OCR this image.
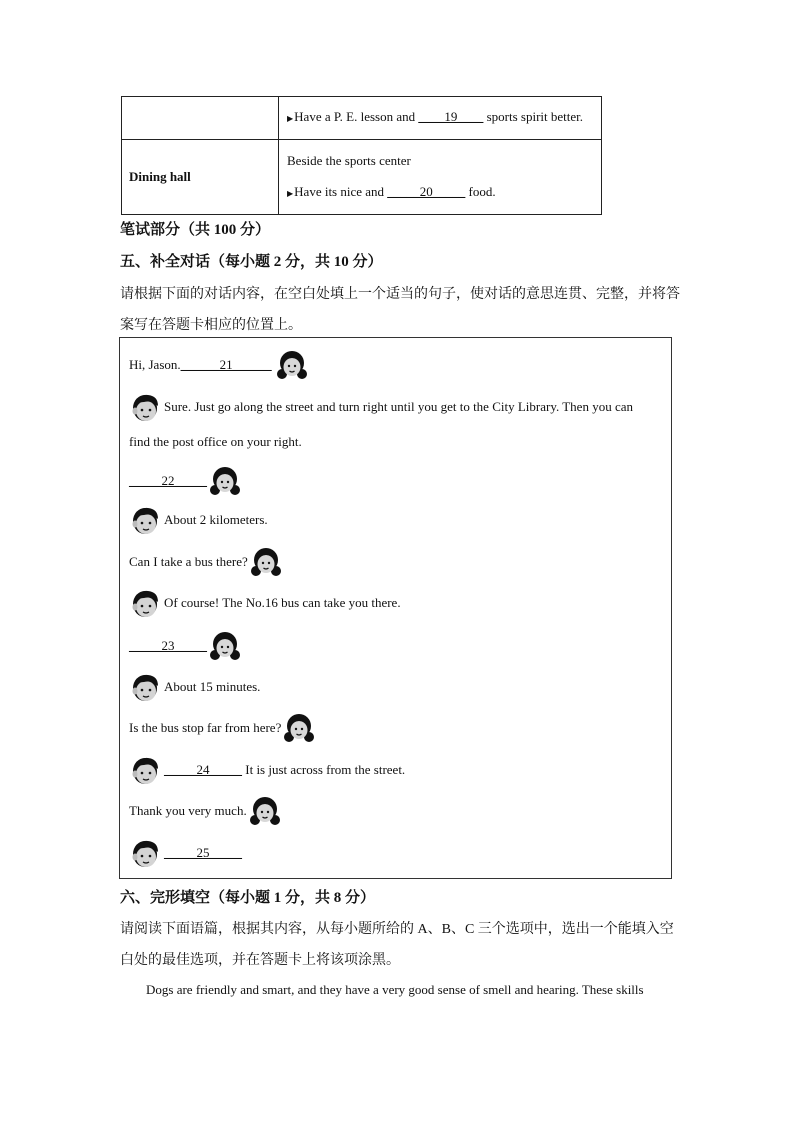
	▶Have a P. E. lesson and ____19____ sports spirit better.

Dining hall	Beside the sports center
▶Have its nice and _____20_____ food.
笔试部分（共 100 分）
五、补全对话（每小题 2 分，共 10 分）
请根据下面的对话内容，在空白处填上一个适当的句子，使对话的意思连贯、完整，并将答
案写在答题卡相应的位置上。
Hi, Jason. ______21______
Sure. Just go along the street and turn right until you get to the City Library. Then you can
find the post office on your right.
_____22_____
About 2 kilometers.
Can I take a bus there?
Of course! The No.16 bus can take you there.
_____23_____
About 15 minutes.
Is the bus stop far from here?
_____24_____ It is just across from the street.
Thank you very much.
_____25_____
六、完形填空（每小题 1 分，共 8 分）
请阅读下面语篇，根据其内容，从每小题所给的 A、B、C 三个选项中，选出一个能填入空
白处的最佳选项，并在答题卡上将该项涂黑。
Dogs are friendly and smart, and they have a very good sense of smell and hearing. These skills
